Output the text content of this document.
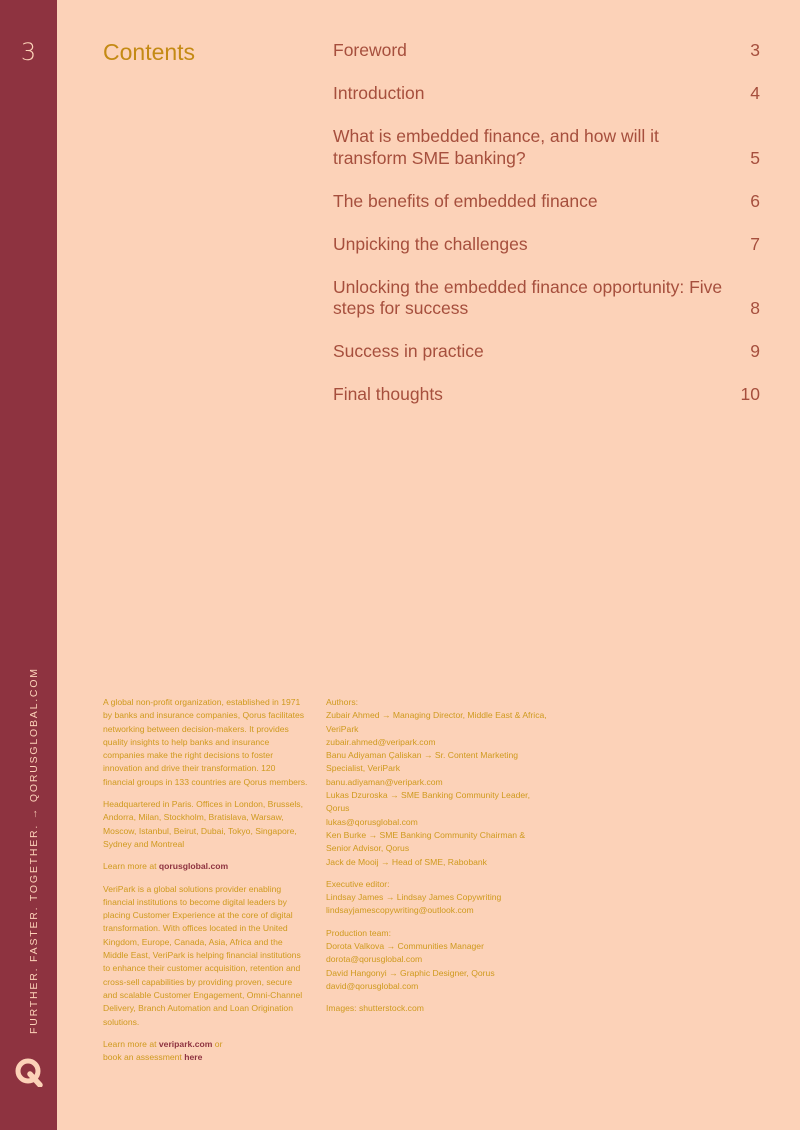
3
FURTHER. FASTER. TOGETHER. → QORUSGLOBAL.COM
Contents	Foreword	3
Introduction	4
What is embedded finance, and how will it transform SME banking?	5
The benefits of embedded finance	6
Unpicking the challenges	7
Unlocking the embedded finance opportunity: Five steps for success	8
Success in practice	9
Final thoughts	10
A global non-profit organization, established in 1971 by banks and insurance companies, Qorus facilitates networking between decision-makers. It provides quality insights to help banks and insurance companies make the right decisions to foster innovation and drive their transformation. 120 financial groups in 133 countries are Qorus members.
Headquartered in Paris. Offices in London, Brussels, Andorra, Milan, Stockholm, Bratislava, Warsaw, Moscow, Istanbul, Beirut, Dubai, Tokyo, Singapore, Sydney and Montreal
Learn more at qorusglobal.com
VeriPark is a global solutions provider enabling financial institutions to become digital leaders by placing Customer Experience at the core of digital transformation. With offices located in the United Kingdom, Europe, Canada, Asia, Africa and the Middle East, VeriPark is helping financial institutions to enhance their customer acquisition, retention and cross-sell capabilities by providing proven, secure and scalable Customer Engagement, Omni-Channel Delivery, Branch Automation and Loan Origination solutions.
Learn more at veripark.com or
book an assessment here
Authors:
Zubair Ahmed → Managing Director, Middle East & Africa, VeriPark
zubair.ahmed@veripark.com
Banu Adiyaman Çaliskan → Sr. Content Marketing Specialist, VeriPark
banu.adiyaman@veripark.com
Lukas Dzuroska → SME Banking Community Leader, Qorus
lukas@qorusglobal.com
Ken Burke → SME Banking Community Chairman & Senior Advisor, Qorus
Jack de Mooij → Head of SME, Rabobank
Executive editor:
Lindsay James → Lindsay James Copywriting
lindsayjamescopywriting@outlook.com
Production team:
Dorota Valkova → Communities Manager
dorota@qorusglobal.com
David Hangonyi → Graphic Designer, Qorus
david@qorusglobal.com
Images: shutterstock.com
